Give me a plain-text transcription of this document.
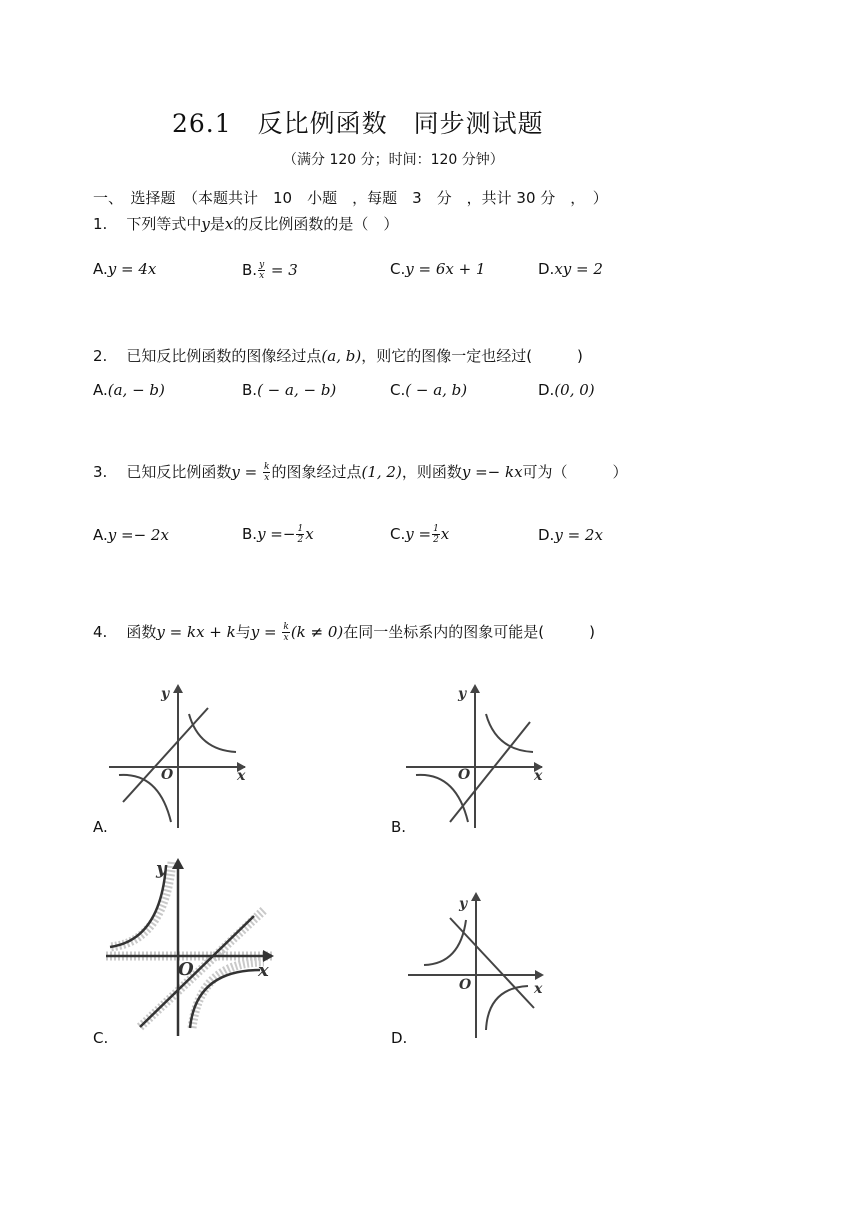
26.1　反比例函数　同步测试题
（满分 120 分；时间：120 分钟）
一、　选择题　（本题共计　10　小题　，每题　3　分　，共计 30 分　，　）
1. 下列等式中y是x的反比例函数的是（　）
A.y = 4x	B. $\frac{y}{x} = 3$	C.y = 6x + 1	D.xy = 2
2. 已知反比例函数的图像经过点(a, b)，则它的图像一定也经过(　　　)
A.(a, − b)	B.( − a, − b)	C.( − a, b)	D.(0, 0)
3. 已知反比例函数$y = \frac{k}{x}$ 的图象经过点(1, 2)，则函数y =− kx可为（　　　）
A.y =− 2x	$B.y =- \frac{1}{2}$ x	$C.y = \frac{1}{2}$ x	D.y = 2x
4. 函数y = kx + k与$y = \frac{k}{x} (k \ne 0)$在同一坐标系内的图象可能是(　　　)
x
y
O
A.
x
y
O
B.
x
y
O
C.
x
y
O
D.
